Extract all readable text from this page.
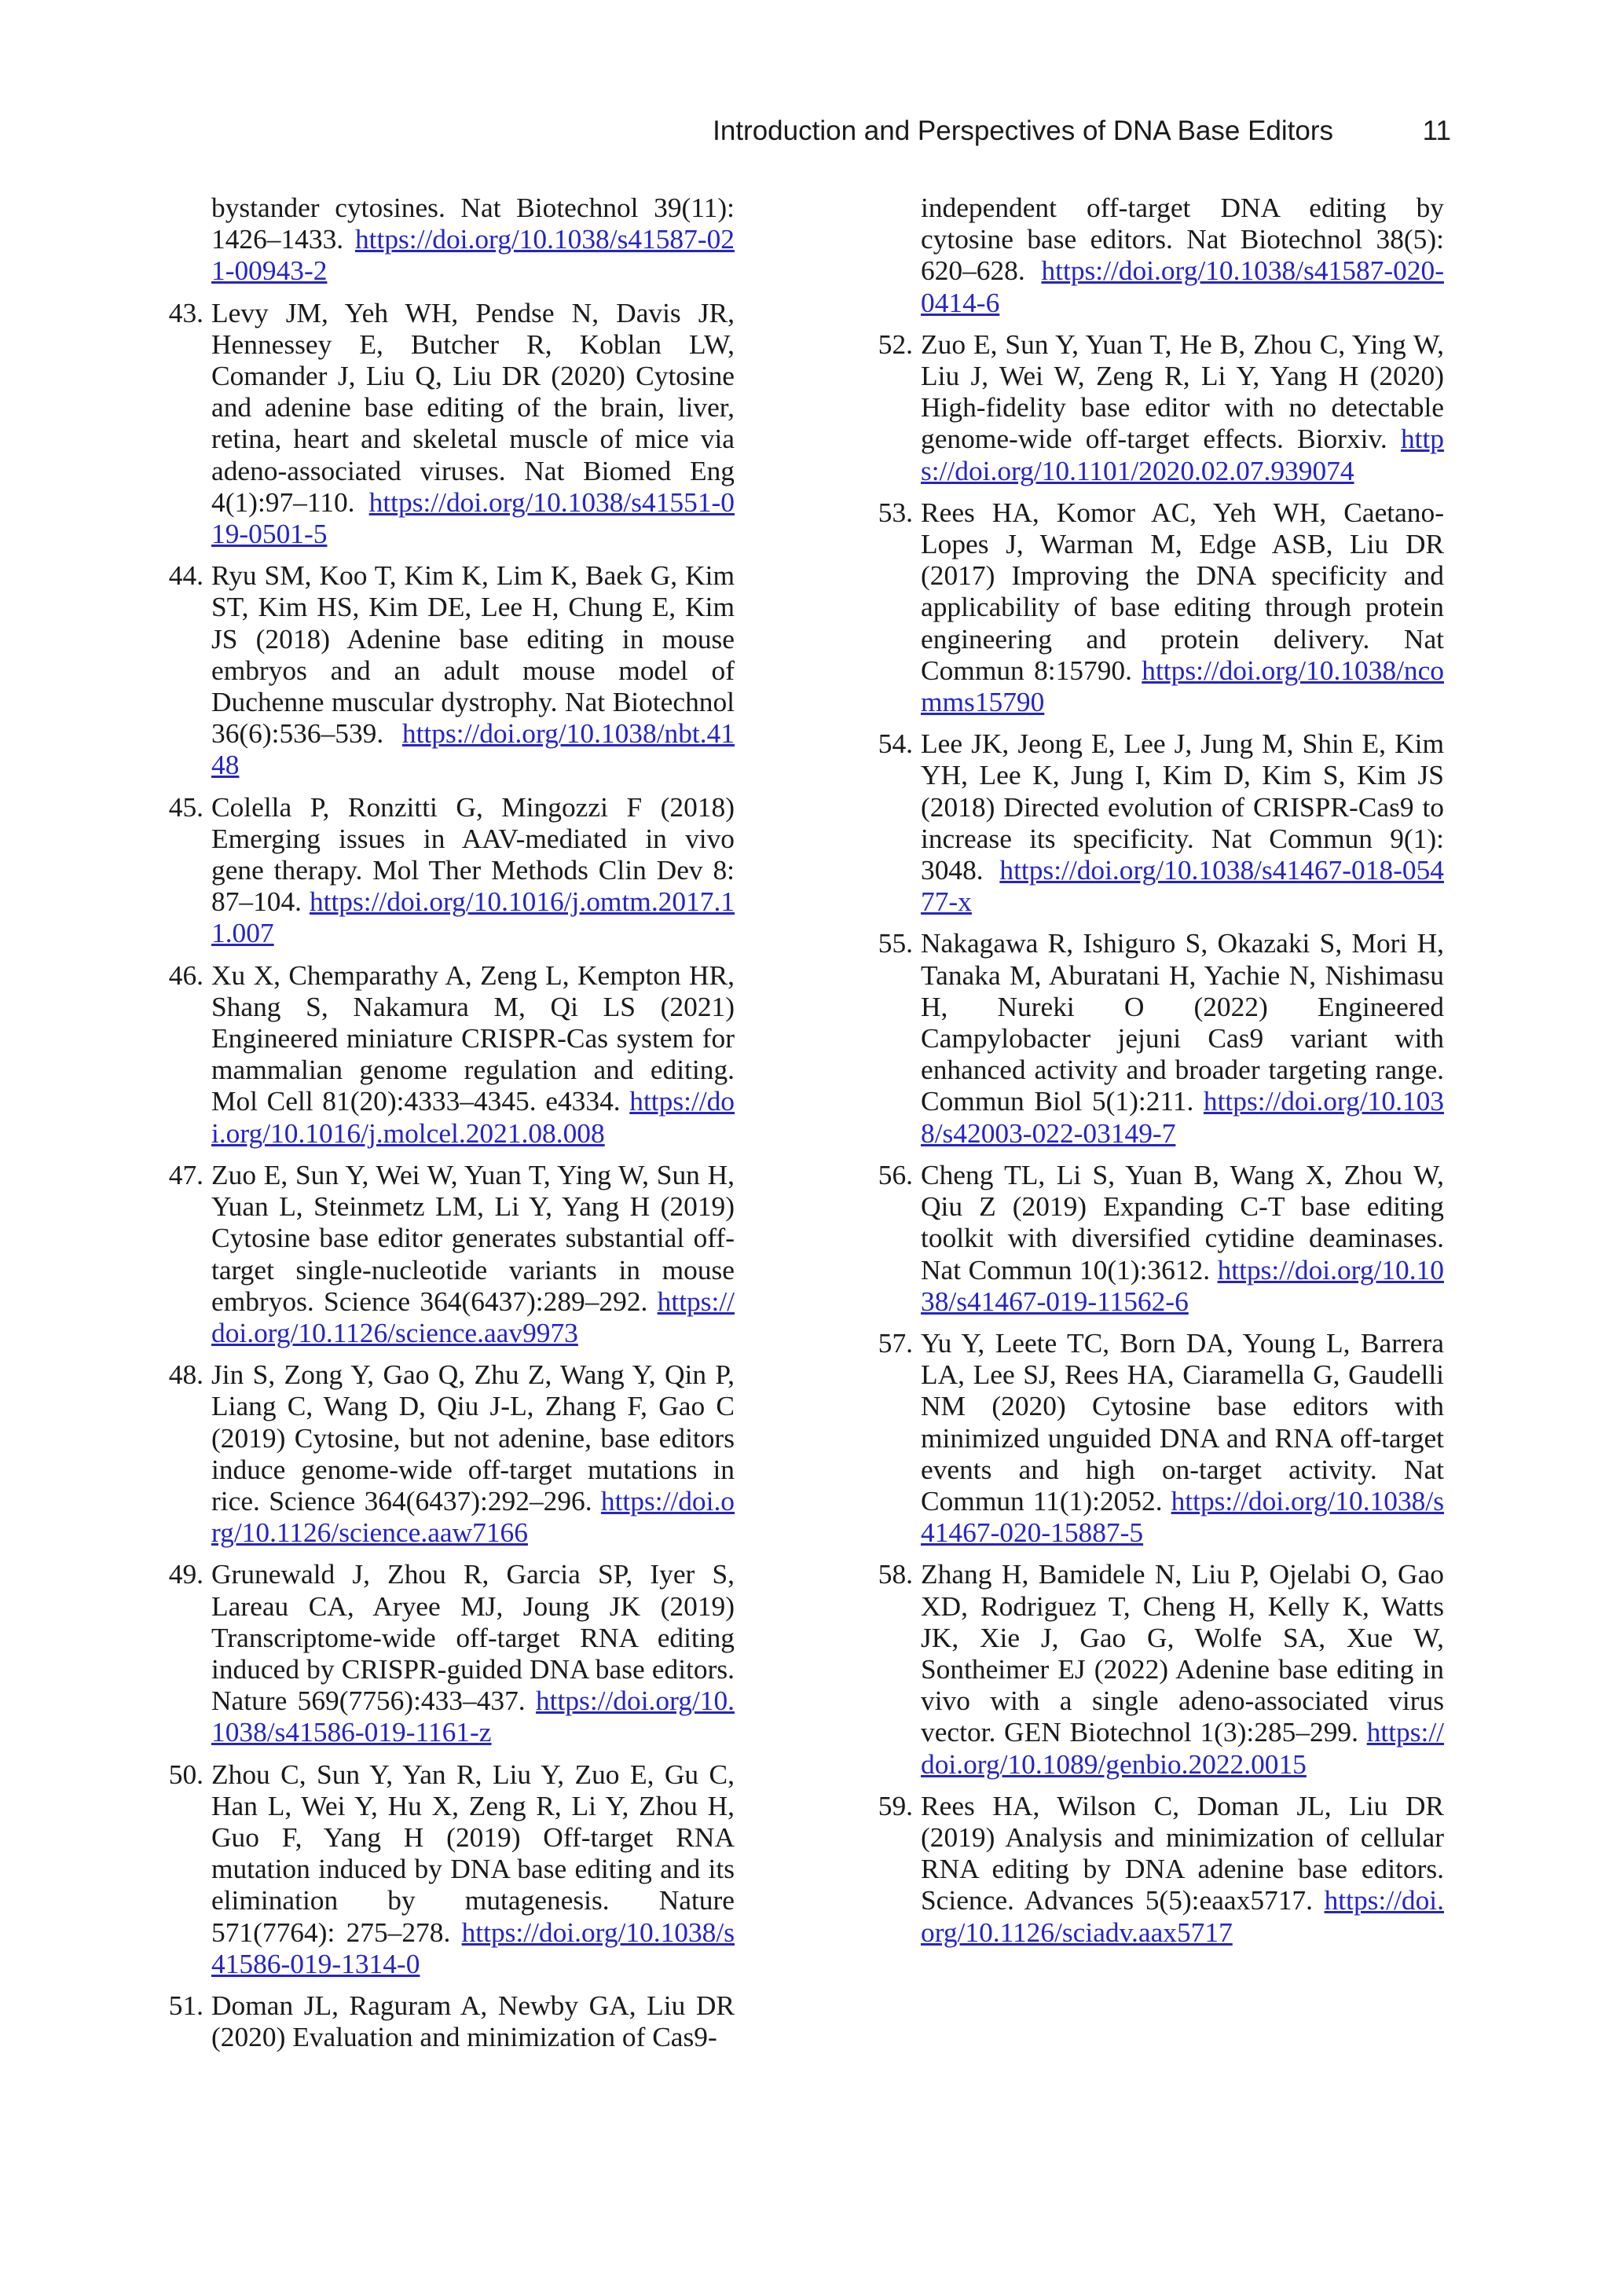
Introduction and Perspectives of DNA Base Editors	11
bystander cytosines. Nat Biotechnol 39(11): 1426–1433. https://doi.org/10.1038/s41587-021-00943-2
43. Levy JM, Yeh WH, Pendse N, Davis JR, Hennessey E, Butcher R, Koblan LW, Comander J, Liu Q, Liu DR (2020) Cytosine and adenine base editing of the brain, liver, retina, heart and skeletal muscle of mice via adeno-associated viruses. Nat Biomed Eng 4(1):97–110. https://doi.org/10.1038/s41551-019-0501-5
44. Ryu SM, Koo T, Kim K, Lim K, Baek G, Kim ST, Kim HS, Kim DE, Lee H, Chung E, Kim JS (2018) Adenine base editing in mouse embryos and an adult mouse model of Duchenne muscular dystrophy. Nat Biotechnol 36(6):536–539. https://doi.org/10.1038/nbt.4148
45. Colella P, Ronzitti G, Mingozzi F (2018) Emerging issues in AAV-mediated in vivo gene therapy. Mol Ther Methods Clin Dev 8: 87–104. https://doi.org/10.1016/j.omtm.2017.11.007
46. Xu X, Chemparathy A, Zeng L, Kempton HR, Shang S, Nakamura M, Qi LS (2021) Engineered miniature CRISPR-Cas system for mammalian genome regulation and editing. Mol Cell 81(20):4333–4345. e4334. https://doi.org/10.1016/j.molcel.2021.08.008
47. Zuo E, Sun Y, Wei W, Yuan T, Ying W, Sun H, Yuan L, Steinmetz LM, Li Y, Yang H (2019) Cytosine base editor generates substantial off-target single-nucleotide variants in mouse embryos. Science 364(6437):289–292. https://doi.org/10.1126/science.aav9973
48. Jin S, Zong Y, Gao Q, Zhu Z, Wang Y, Qin P, Liang C, Wang D, Qiu J-L, Zhang F, Gao C (2019) Cytosine, but not adenine, base editors induce genome-wide off-target mutations in rice. Science 364(6437):292–296. https://doi.org/10.1126/science.aaw7166
49. Grunewald J, Zhou R, Garcia SP, Iyer S, Lareau CA, Aryee MJ, Joung JK (2019) Transcriptome-wide off-target RNA editing induced by CRISPR-guided DNA base editors. Nature 569(7756):433–437. https://doi.org/10.1038/s41586-019-1161-z
50. Zhou C, Sun Y, Yan R, Liu Y, Zuo E, Gu C, Han L, Wei Y, Hu X, Zeng R, Li Y, Zhou H, Guo F, Yang H (2019) Off-target RNA mutation induced by DNA base editing and its elimination by mutagenesis. Nature 571(7764): 275–278. https://doi.org/10.1038/s41586-019-1314-0
51. Doman JL, Raguram A, Newby GA, Liu DR (2020) Evaluation and minimization of Cas9-
independent off-target DNA editing by cytosine base editors. Nat Biotechnol 38(5): 620–628. https://doi.org/10.1038/s41587-020-0414-6
52. Zuo E, Sun Y, Yuan T, He B, Zhou C, Ying W, Liu J, Wei W, Zeng R, Li Y, Yang H (2020) High-fidelity base editor with no detectable genome-wide off-target effects. Biorxiv. https://doi.org/10.1101/2020.02.07.939074
53. Rees HA, Komor AC, Yeh WH, Caetano-Lopes J, Warman M, Edge ASB, Liu DR (2017) Improving the DNA specificity and applicability of base editing through protein engineering and protein delivery. Nat Commun 8:15790. https://doi.org/10.1038/ncomms15790
54. Lee JK, Jeong E, Lee J, Jung M, Shin E, Kim YH, Lee K, Jung I, Kim D, Kim S, Kim JS (2018) Directed evolution of CRISPR-Cas9 to increase its specificity. Nat Commun 9(1): 3048. https://doi.org/10.1038/s41467-018-05477-x
55. Nakagawa R, Ishiguro S, Okazaki S, Mori H, Tanaka M, Aburatani H, Yachie N, Nishimasu H, Nureki O (2022) Engineered Campylobacter jejuni Cas9 variant with enhanced activity and broader targeting range. Commun Biol 5(1):211. https://doi.org/10.1038/s42003-022-03149-7
56. Cheng TL, Li S, Yuan B, Wang X, Zhou W, Qiu Z (2019) Expanding C-T base editing toolkit with diversified cytidine deaminases. Nat Commun 10(1):3612. https://doi.org/10.1038/s41467-019-11562-6
57. Yu Y, Leete TC, Born DA, Young L, Barrera LA, Lee SJ, Rees HA, Ciaramella G, Gaudelli NM (2020) Cytosine base editors with minimized unguided DNA and RNA off-target events and high on-target activity. Nat Commun 11(1):2052. https://doi.org/10.1038/s41467-020-15887-5
58. Zhang H, Bamidele N, Liu P, Ojelabi O, Gao XD, Rodriguez T, Cheng H, Kelly K, Watts JK, Xie J, Gao G, Wolfe SA, Xue W, Sontheimer EJ (2022) Adenine base editing in vivo with a single adeno-associated virus vector. GEN Biotechnol 1(3):285–299. https://doi.org/10.1089/genbio.2022.0015
59. Rees HA, Wilson C, Doman JL, Liu DR (2019) Analysis and minimization of cellular RNA editing by DNA adenine base editors. Science. Advances 5(5):eaax5717. https://doi.org/10.1126/sciadv.aax5717
